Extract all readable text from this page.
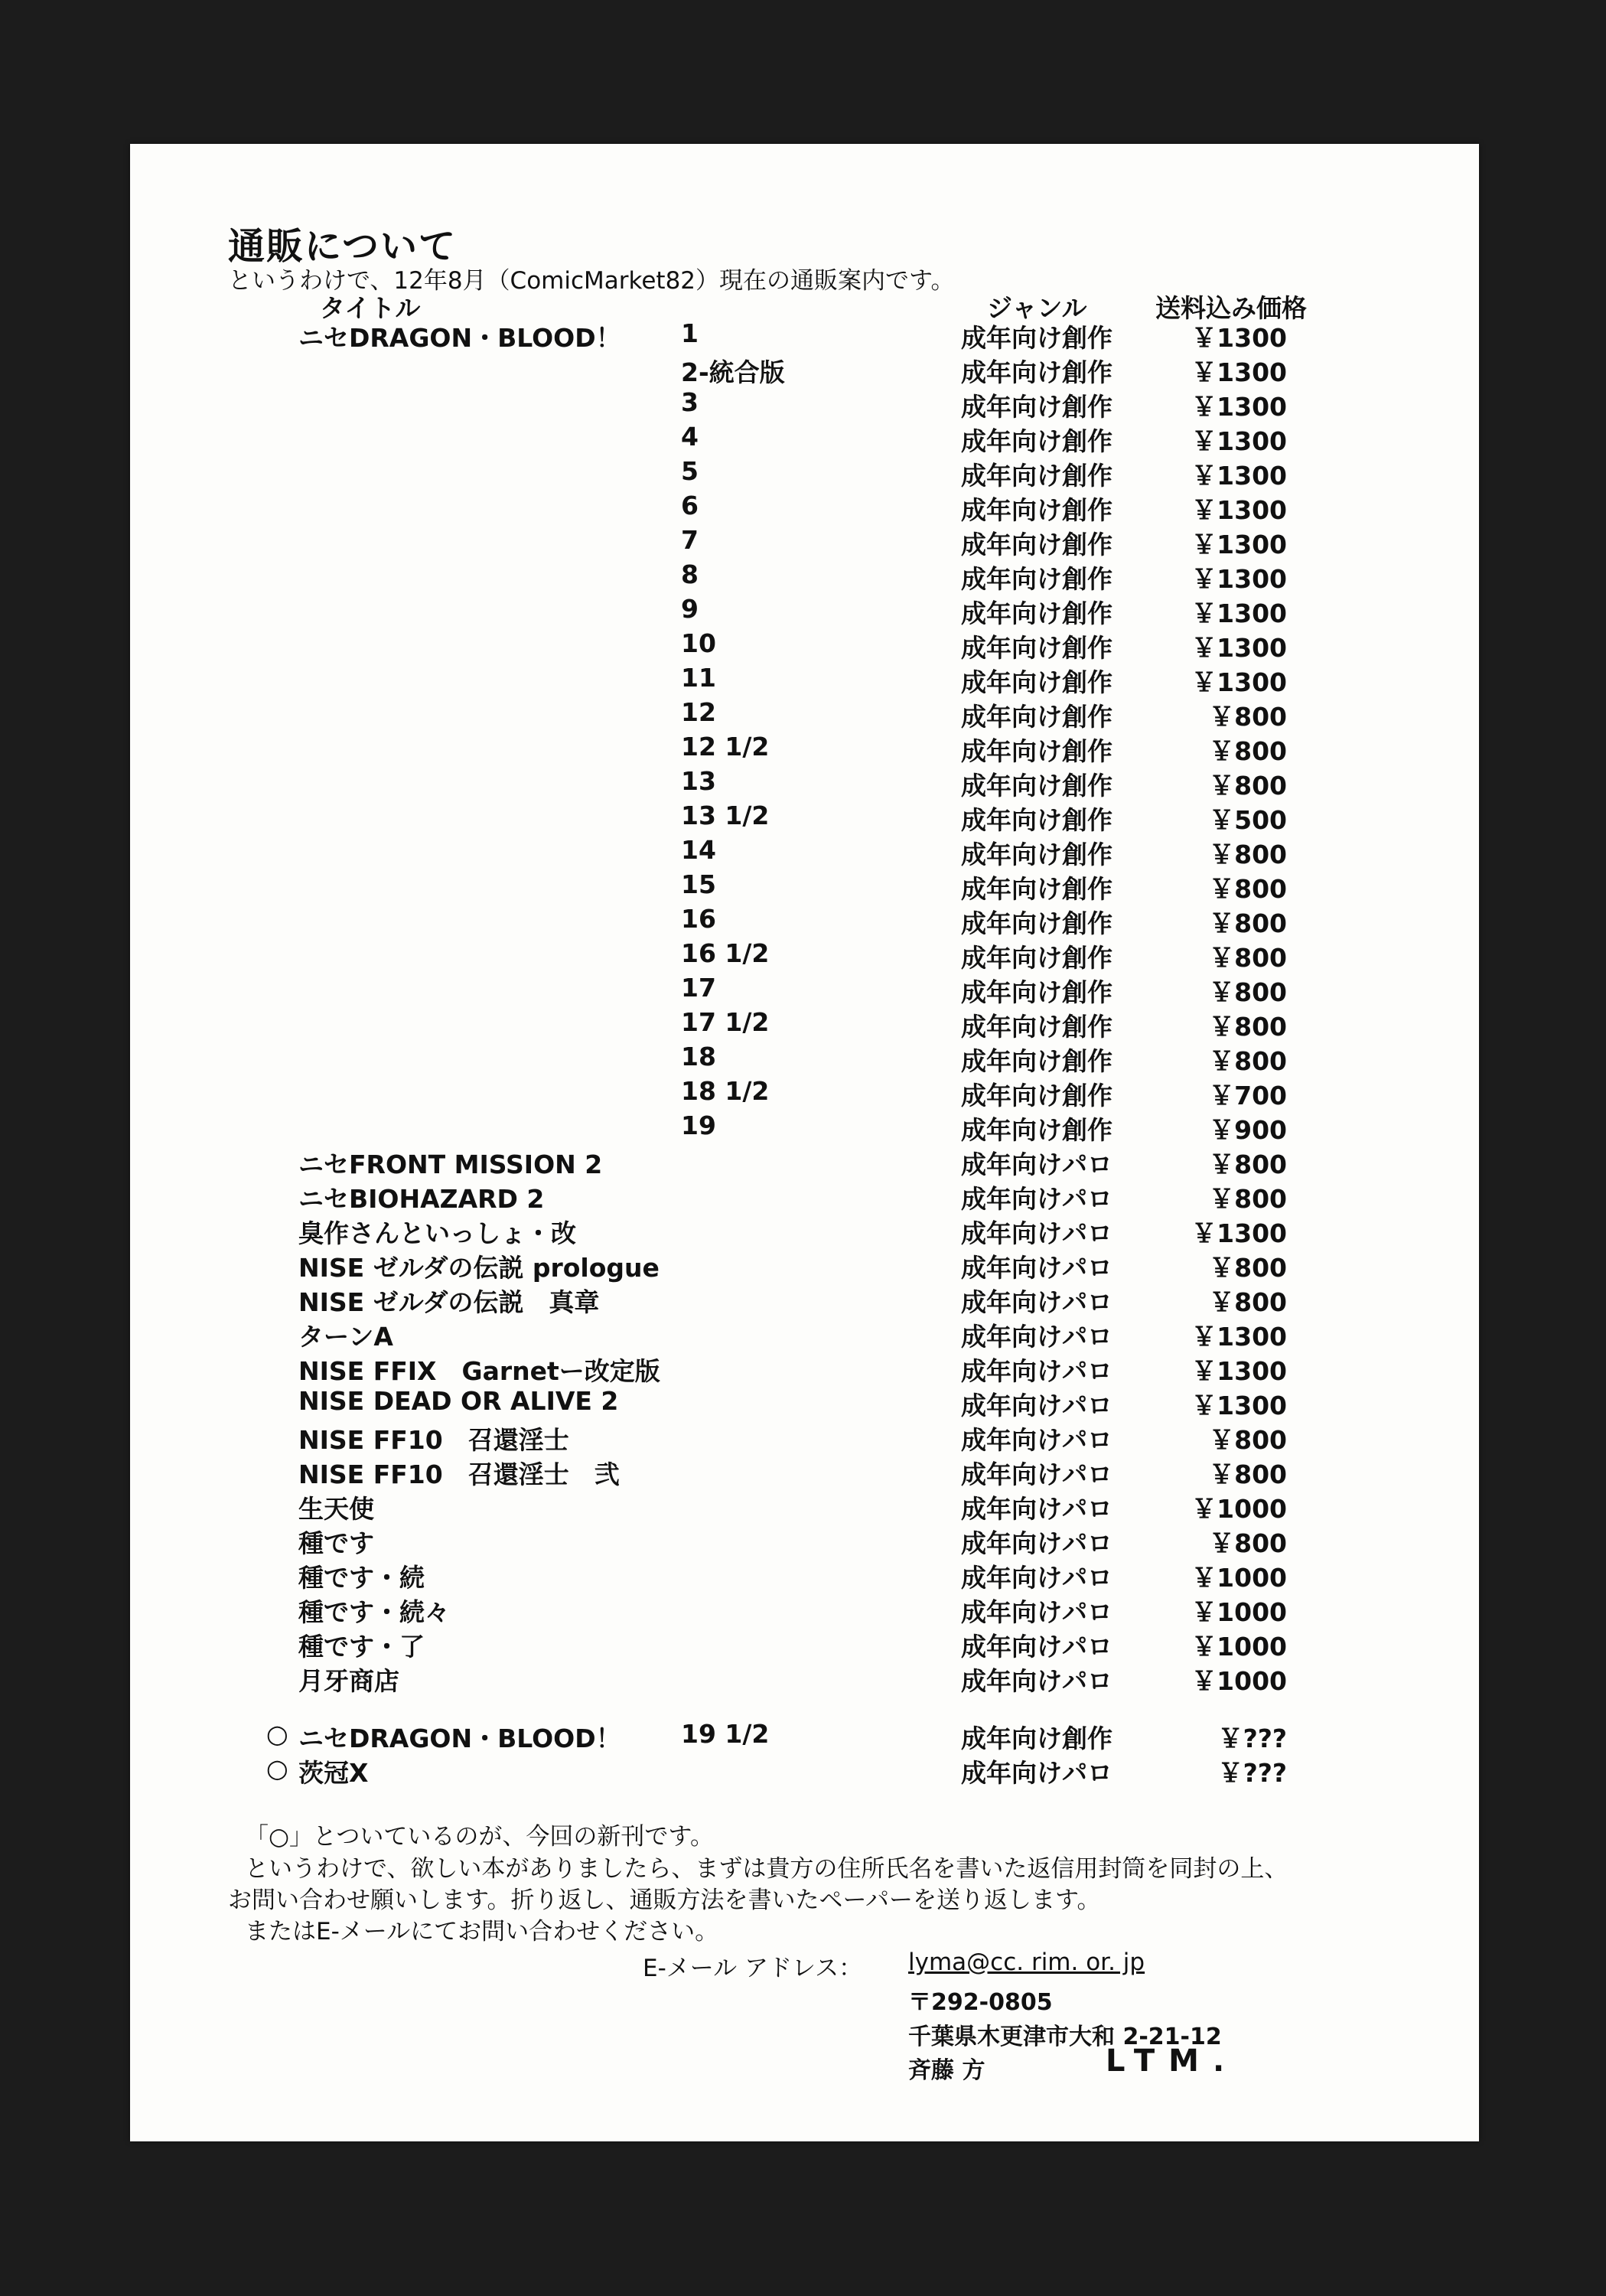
通販について
というわけで、12年8月（ComicMarket82）現在の通販案内です。
タイトル	ジャンル	送料込み価格
ニセDRAGON・BLOOD！ 1	成年向け創作	￥1300
2-統合版	成年向け創作	￥1300
3	成年向け創作	￥1300
4	成年向け創作	￥1300
5	成年向け創作	￥1300
6	成年向け創作	￥1300
7	成年向け創作	￥1300
8	成年向け創作	￥1300
9	成年向け創作	￥1300
10	成年向け創作	￥1300
11	成年向け創作	￥1300
12	成年向け創作	￥800
12 1/2	成年向け創作	￥800
13	成年向け創作	￥800
13 1/2	成年向け創作	￥500
14	成年向け創作	￥800
15	成年向け創作	￥800
16	成年向け創作	￥800
16 1/2	成年向け創作	￥800
17	成年向け創作	￥800
17 1/2	成年向け創作	￥800
18	成年向け創作	￥800
18 1/2	成年向け創作	￥700
19	成年向け創作	￥900
ニセFRONT MISSION 2	成年向けパロ	￥800
ニセBIOHAZARD 2	成年向けパロ	￥800
臭作さんといっしょ・改	成年向けパロ	￥1300
NISE ゼルダの伝説 prologue	成年向けパロ	￥800
NISE ゼルダの伝説　真章	成年向けパロ	￥800
ターンA	成年向けパロ	￥1300
NISE FFIX　Garnetー改定版	成年向けパロ	￥1300
NISE DEAD OR ALIVE 2	成年向けパロ	￥1300
NISE FF10　召還淫士	成年向けパロ	￥800
NISE FF10　召還淫士　弐	成年向けパロ	￥800
生天使	成年向けパロ	￥1000
種です	成年向けパロ	￥800
種です・続	成年向けパロ	￥1000
種です・続々	成年向けパロ	￥1000
種です・了	成年向けパロ	￥1000
月牙商店	成年向けパロ	￥1000
○ ニセDRAGON・BLOOD！ 19 1/2	成年向け創作	￥???
○ 茨冠X	成年向けパロ	￥???
「○」とついているのが、今回の新刊です。
というわけで、欲しい本がありましたら、まずは貴方の住所氏名を書いた返信用封筒を同封の上、
お問い合わせ願いします。折り返し、通販方法を書いたペーパーを送り返します。
またはE-メールにてお問い合わせください。
E-メール アドレス： lyma@cc. rim. or. jp
〒292-0805
千葉県木更津市大和 2-21-12
斉藤 方	LTM.
